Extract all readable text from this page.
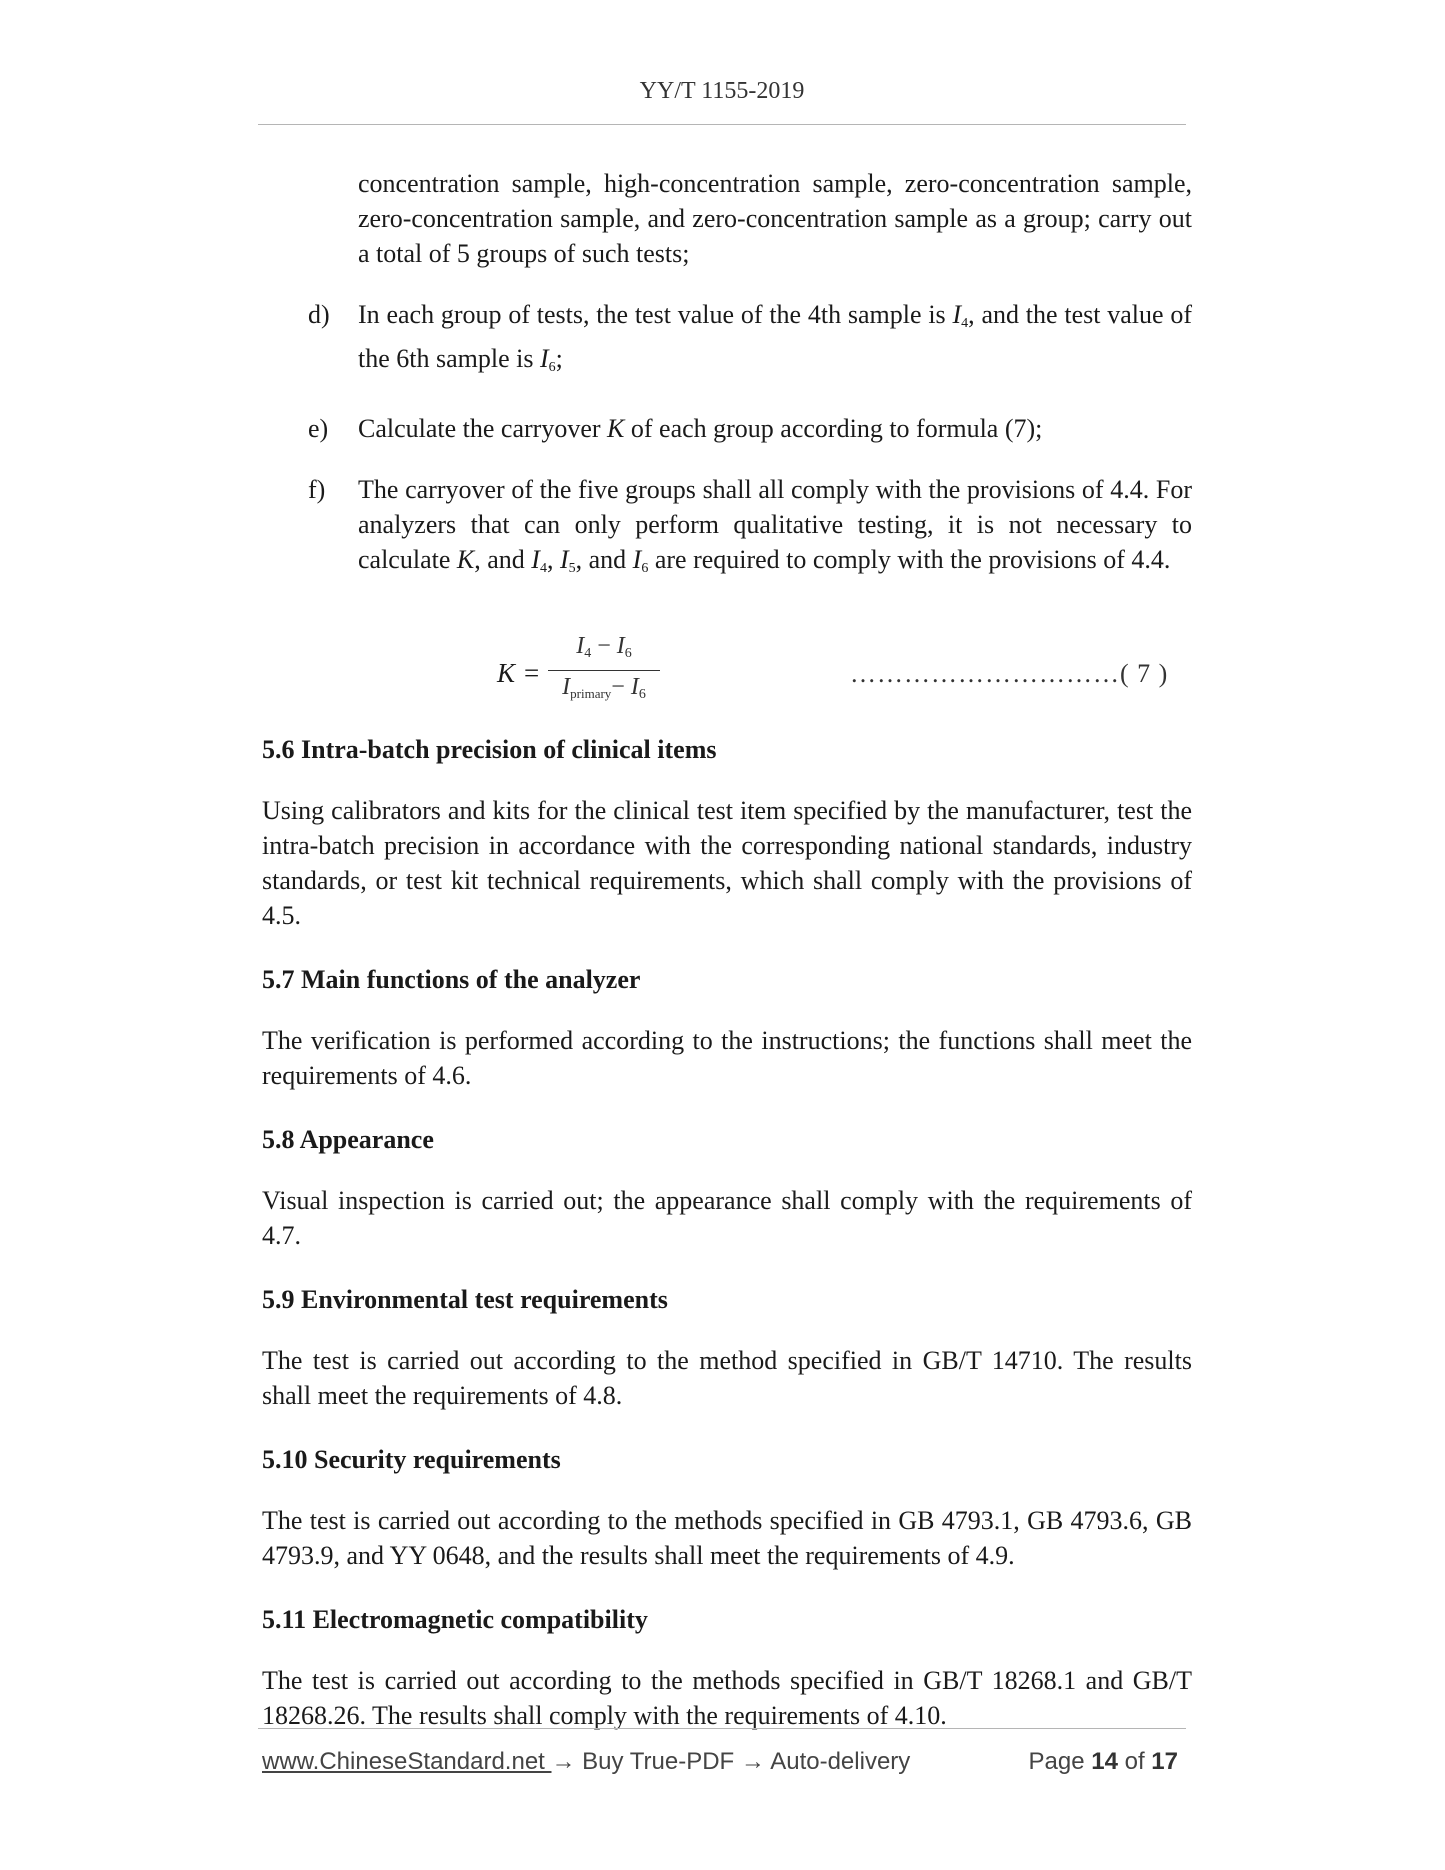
YY/T 1155-2019

concentration sample, high-concentration sample, zero-concentration sample, zero-concentration sample, and zero-concentration sample as a group; carry out a total of 5 groups of such tests;

d)	In each group of tests, the test value of the 4th sample is $I_4$, and the test value of the 6th sample is $I_6$;
e)	Calculate the carryover K of each group according to formula (7);
f)	The carryover of the five groups shall all comply with the provisions of 4.4. For analyzers that can only perform qualitative testing, it is not necessary to calculate K, and $I_4$, $I_5$, and $I_6$ are required to comply with the provisions of 4.4.
K =
$I_4 - I_6$
$I_{primary}- I_6$
…………………………( 7 )

5.6 Intra-batch precision of clinical items

Using calibrators and kits for the clinical test item specified by the manufacturer, test the intra-batch precision in accordance with the corresponding national standards, industry standards, or test kit technical requirements, which shall comply with the provisions of 4.5.

5.7 Main functions of the analyzer

The verification is performed according to the instructions; the functions shall meet the requirements of 4.6.

5.8 Appearance

Visual inspection is carried out; the appearance shall comply with the requirements of 4.7.

5.9 Environmental test requirements

The test is carried out according to the method specified in GB/T 14710. The results shall meet the requirements of 4.8.

5.10 Security requirements

The test is carried out according to the methods specified in GB 4793.1, GB 4793.6, GB 4793.9, and YY 0648, and the results shall meet the requirements of 4.9.

5.11 Electromagnetic compatibility

The test is carried out according to the methods specified in GB/T 18268.1 and GB/T 18268.26. The results shall comply with the requirements of 4.10.

www.ChineseStandard.net → Buy True-PDF → Auto-delivery	Page 14 of 17
